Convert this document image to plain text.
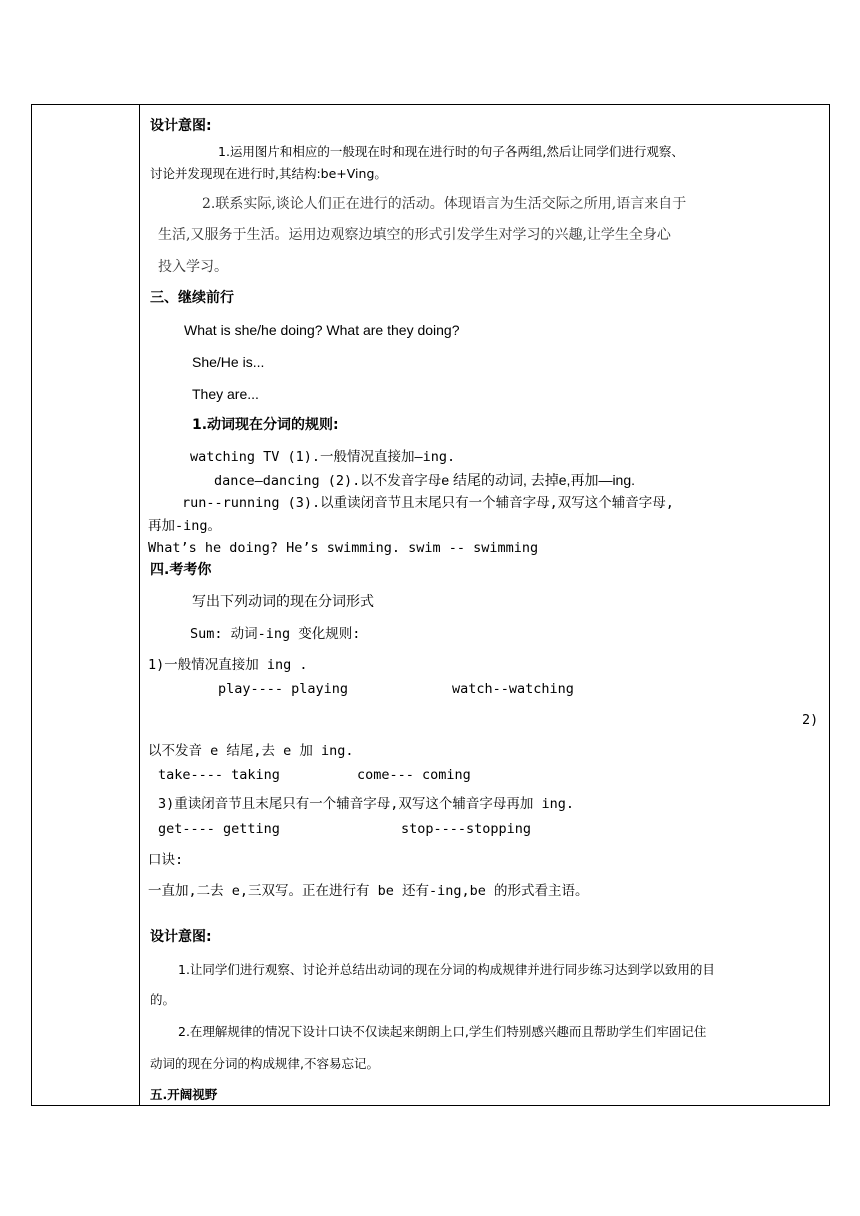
设计意图:
1.运用图片和相应的一般现在时和现在进行时的句子各两组,然后让同学们进行观察、
讨论并发现现在进行时,其结构:be+Ving。
2.联系实际,谈论人们正在进行的活动。体现语言为生活交际之所用,语言来自于
生活,又服务于生活。运用边观察边填空的形式引发学生对学习的兴趣,让学生全身心
投入学习。
三、继续前行
What is she/he doing? What are they doing?
She/He is...
They are...
1.动词现在分词的规则:
watching TV (1).一般情况直接加—ing.
dance—dancing (2).以不发音字母e 结尾的动词, 去掉e,再加—ing.
run--running (3).以重读闭音节且末尾只有一个辅音字母,双写这个辅音字母,
再加-ing。
What’s he doing? He’s swimming. swim -- swimming
四.考考你
写出下列动词的现在分词形式
Sum: 动词-ing 变化规则:
1)一般情况直接加 ing .
play---- playing	watch--watching
2)
以不发音 e 结尾,去 e 加 ing.
take---- taking	come--- coming
3)重读闭音节且末尾只有一个辅音字母,双写这个辅音字母再加 ing.
get---- getting	stop----stopping
口诀:
一直加,二去 e,三双写。正在进行有 be 还有-ing,be 的形式看主语。
设计意图:
1.让同学们进行观察、讨论并总结出动词的现在分词的构成规律并进行同步练习达到学以致用的目
的。
2.在理解规律的情况下设计口诀不仅读起来朗朗上口,学生们特别感兴趣而且帮助学生们牢固记住
动词的现在分词的构成规律,不容易忘记。
五.开阔视野
